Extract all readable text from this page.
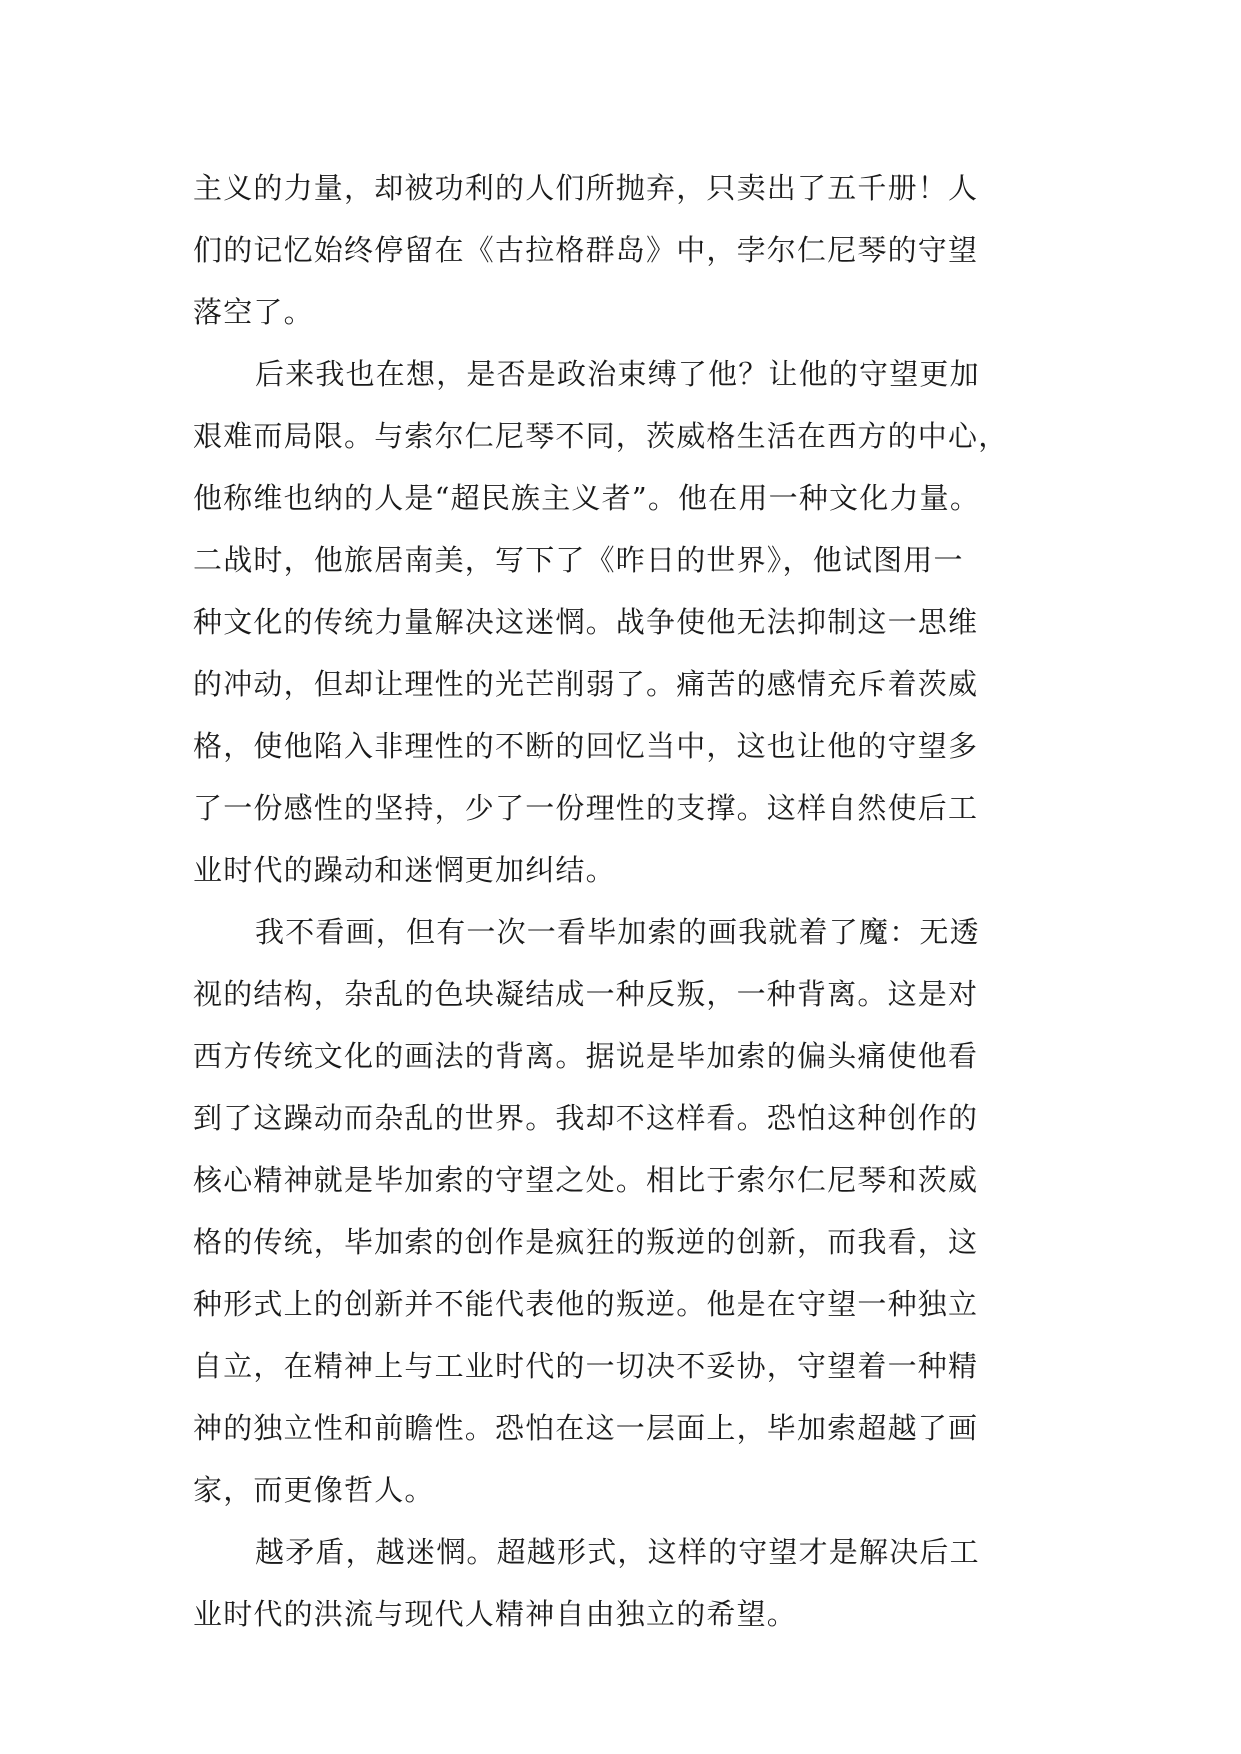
主义的力量，却被功利的人们所抛弃，只卖出了五千册！人
们的记忆始终停留在《古拉格群岛》中，孛尔仁尼琴的守望
落空了。
后来我也在想，是否是政治束缚了他？让他的守望更加
艰难而局限。与索尔仁尼琴不同，茨威格生活在西方的中心，
他称维也纳的人是“超民族主义者”。他在用一种文化力量。
二战时，他旅居南美，写下了《昨日的世界》，他试图用一
种文化的传统力量解决这迷惘。战争使他无法抑制这一思维
的冲动，但却让理性的光芒削弱了。痛苦的感情充斥着茨威
格，使他陷入非理性的不断的回忆当中，这也让他的守望多
了一份感性的坚持，少了一份理性的支撑。这样自然使后工
业时代的躁动和迷惘更加纠结。
我不看画，但有一次一看毕加索的画我就着了魔：无透
视的结构，杂乱的色块凝结成一种反叛，一种背离。这是对
西方传统文化的画法的背离。据说是毕加索的偏头痛使他看
到了这躁动而杂乱的世界。我却不这样看。恐怕这种创作的
核心精神就是毕加索的守望之处。相比于索尔仁尼琴和茨威
格的传统，毕加索的创作是疯狂的叛逆的创新，而我看，这
种形式上的创新并不能代表他的叛逆。他是在守望一种独立
自立，在精神上与工业时代的一切决不妥协，守望着一种精
神的独立性和前瞻性。恐怕在这一层面上，毕加索超越了画
家，而更像哲人。
越矛盾，越迷惘。超越形式，这样的守望才是解决后工
业时代的洪流与现代人精神自由独立的希望。
